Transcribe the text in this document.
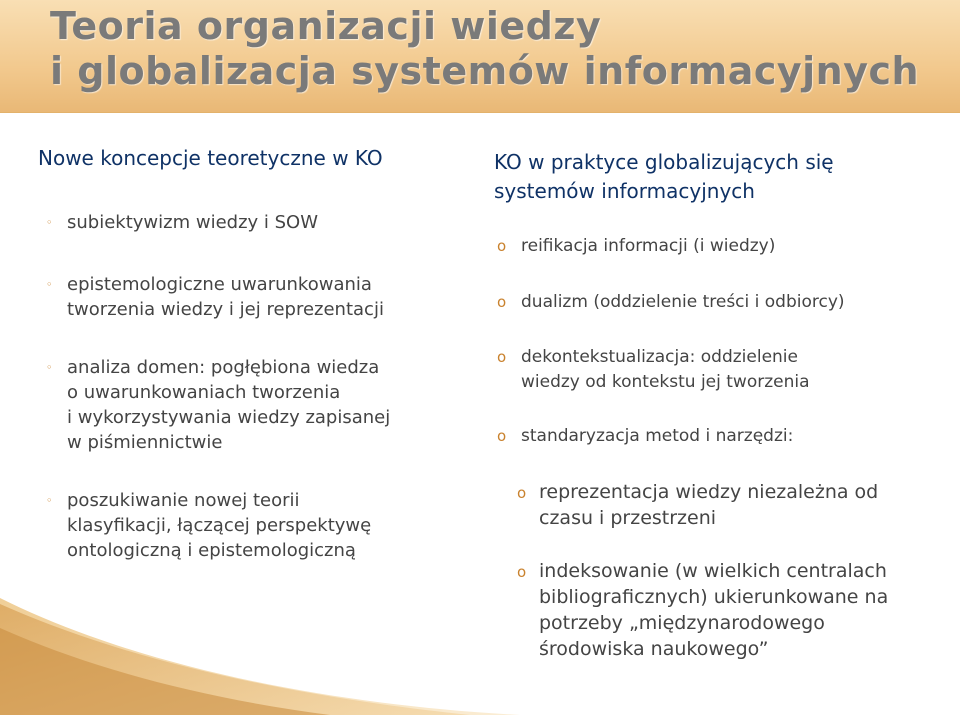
Teoria organizacji wiedzy
i globalizacja systemów informacyjnych
Nowe koncepcje teoretyczne w KO
◦ subiektywizm wiedzy i SOW
◦ epistemologiczne uwarunkowania
tworzenia wiedzy i jej reprezentacji
◦ analiza domen: pogłębiona wiedza
o uwarunkowaniach tworzenia
i wykorzystywania wiedzy zapisanej
w piśmiennictwie
◦ poszukiwanie nowej teorii
klasyfikacji, łączącej perspektywę
ontologiczną i epistemologiczną
KO w praktyce globalizujących się
systemów informacyjnych
o reifikacja informacji (i wiedzy)
o dualizm (oddzielenie treści i odbiorcy)
o dekontekstualizacja: oddzielenie
wiedzy od kontekstu jej tworzenia
o standaryzacja metod i narzędzi:
o reprezentacja wiedzy niezależna od
czasu i przestrzeni
o indeksowanie (w wielkich centralach
bibliograficznych) ukierunkowane na
potrzeby „międzynarodowego
środowiska naukowego”
